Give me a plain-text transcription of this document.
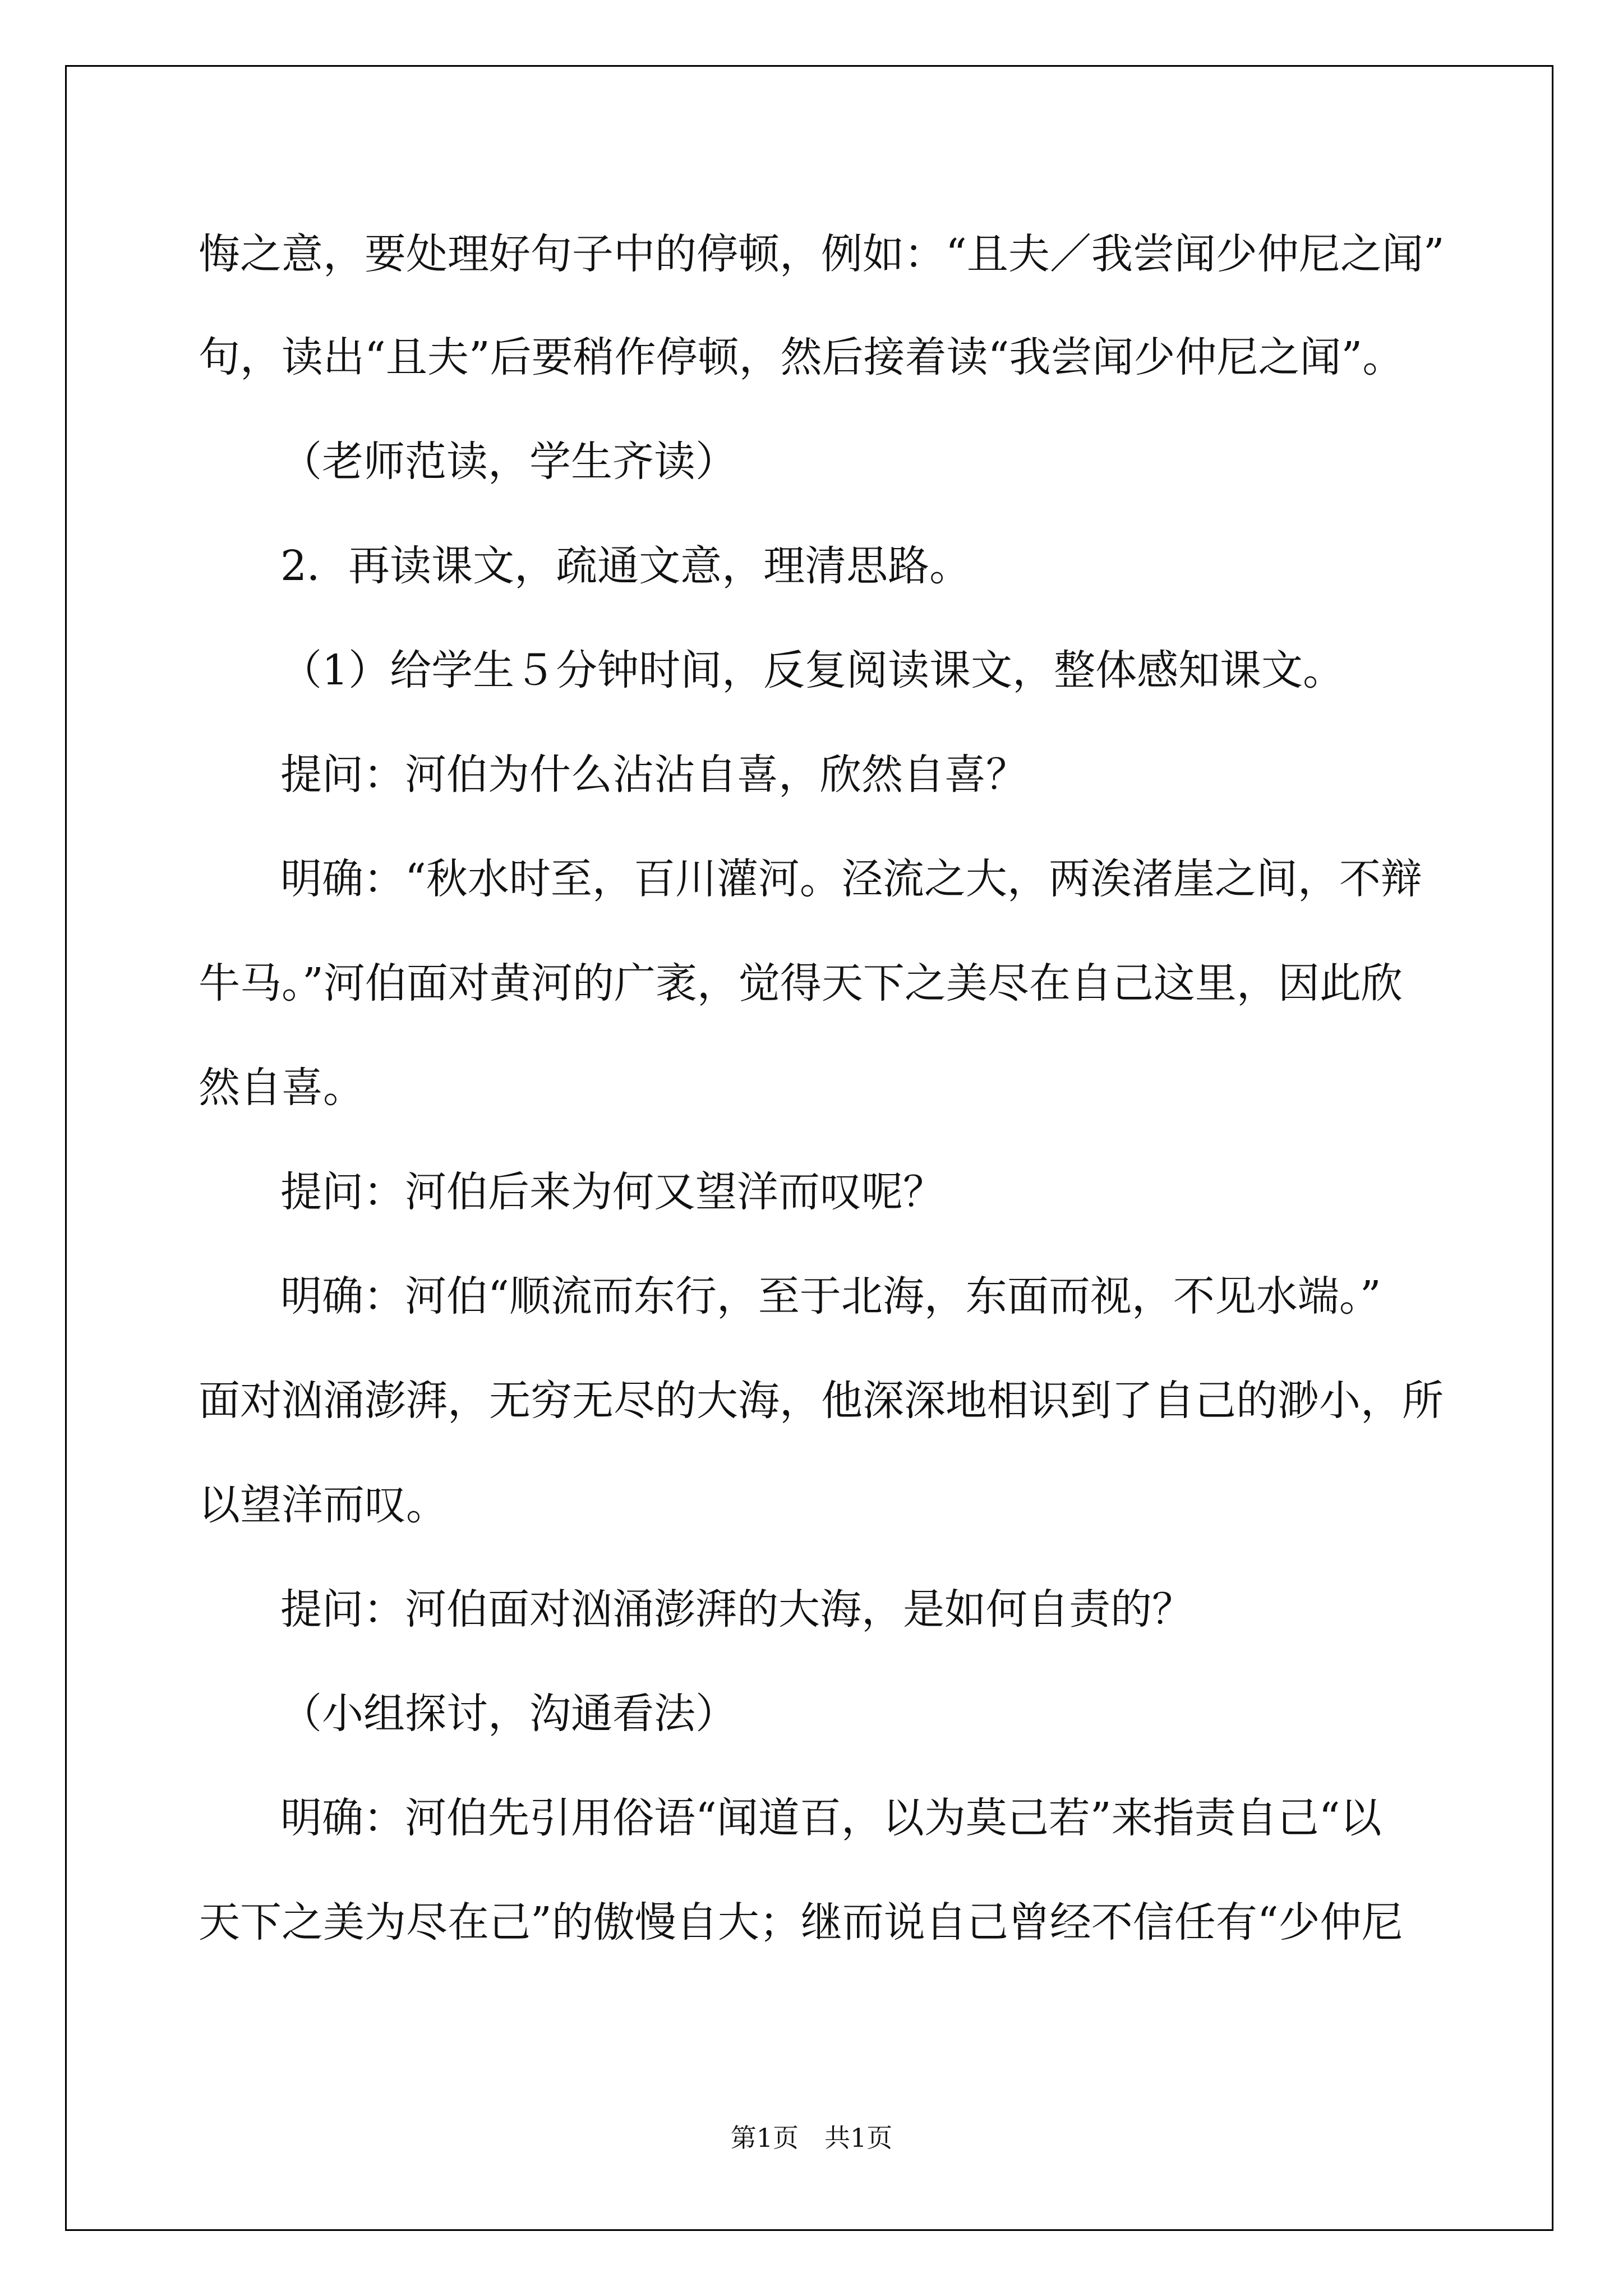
悔之意，要处理好句子中的停顿，例如：“且夫／我尝闻少仲尼之闻”
句，读出“且夫”后要稍作停顿，然后接着读“我尝闻少仲尼之闻”。
（老师范读，学生齐读）
2．再读课文，疏通文意，理清思路。
（1）给学生５分钟时间，反复阅读课文，整体感知课文。
提问：河伯为什么沾沾自喜，欣然自喜？
明确：“秋水时至，百川灌河。泾流之大，两涘渚崖之间，不辩
牛马。”河伯面对黄河的广袤，觉得天下之美尽在自己这里，因此欣
然自喜。
提问：河伯后来为何又望洋而叹呢？
明确：河伯“顺流而东行，至于北海，东面而视，不见水端。”
面对汹涌澎湃，无穷无尽的大海，他深深地相识到了自己的渺小，所
以望洋而叹。
提问：河伯面对汹涌澎湃的大海，是如何自责的？
（小组探讨，沟通看法）
明确：河伯先引用俗语“闻道百，以为莫己若”来指责自己“以
天下之美为尽在己”的傲慢自大；继而说自己曾经不信任有“少仲尼
第1页　共1页
